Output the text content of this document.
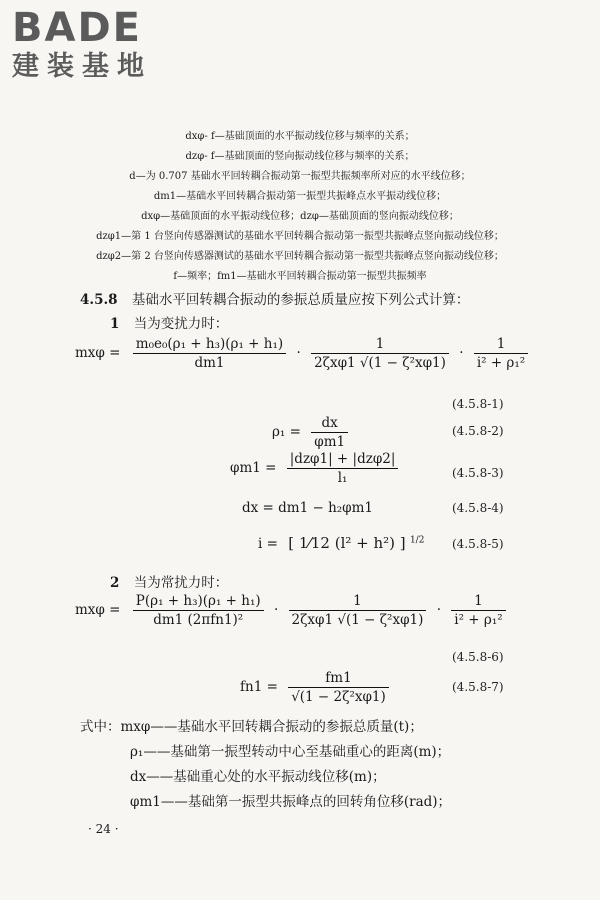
BADE
建装基地
dxφ- f—基础顶面的水平振动线位移与频率的关系；
dzφ- f—基础顶面的竖向振动线位移与频率的关系；
d—为 0.707 基础水平回转耦合振动第一振型共振频率所对应的水平线位移；
dm1—基础水平回转耦合振动第一振型共振峰点水平振动线位移；
dxφ—基础顶面的水平振动线位移；dzφ—基础顶面的竖向振动线位移；
dzφ1—第 1 台竖向传感器测试的基础水平回转耦合振动第一振型共振峰点竖向振动线位移；
dzφ2—第 2 台竖向传感器测试的基础水平回转耦合振动第一振型共振峰点竖向振动线位移；
f—频率；fm1—基础水平回转耦合振动第一振型共振频率
4.5.8 基础水平回转耦合振动的参振总质量应按下列公式计算：
1 当为变扰力时：
$mx\varphi = \frac{\text{m₀e₀(ρ₁ + h₃)(ρ₁ + h₁)}}{dm1} \cdot \frac{1}{\text{2ζxφ1 √(1 − ζ²xφ1)}} \cdot \frac{1}{\text{i² + ρ₁²}}$
(4.5.8-1)
$\rho_1 = \frac{dx}{\varphi m1}$	(4.5.8-2)
$\varphi m1 = \frac{\text{|dzφ1| + |dzφ2|}}{\text{l₁}}$	(4.5.8-3)
dx = dm1 − h₂φm1	(4.5.8-4)
i = [ 1⁄12 (l² + h²) ] $^{1/2}$ (4.5.8-5)
2 当为常扰力时：
$mx\varphi = \frac{\text{P(ρ₁ + h₃)(ρ₁ + h₁)}}{\text{dm1 (2πfn1)²}} \cdot \frac{1}{\text{2ζxφ1 √(1 − ζ²xφ1)}} \cdot \frac{1}{\text{i² + ρ₁²}}$
(4.5.8-6)
$fn1 = \frac{fm1}{\text{√(1 − 2ζ²xφ1)}}$	(4.5.8-7)
式中：mxφ——基础水平回转耦合振动的参振总质量(t)；
ρ₁——基础第一振型转动中心至基础重心的距离(m)；
dx——基础重心处的水平振动线位移(m)；
φm1——基础第一振型共振峰点的回转角位移(rad)；
· 24 ·
